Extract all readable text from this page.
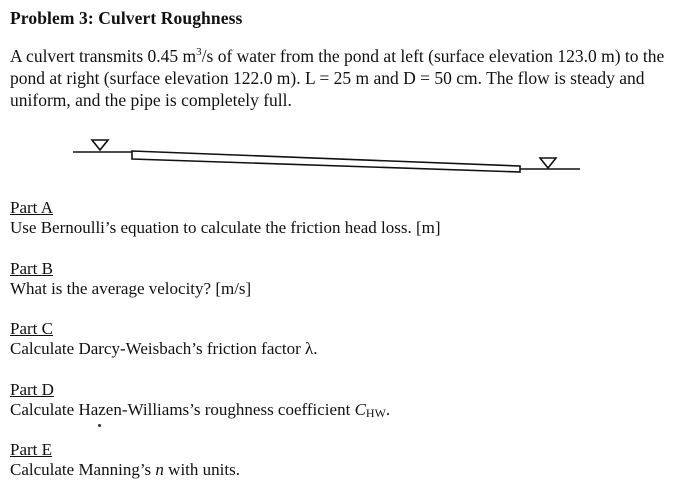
Problem 3: Culvert Roughness
A culvert transmits 0.45 $m^3/s$ of water from the pond at left (surface elevation 123.0 m) to the pond at right (surface elevation 122.0 m). L = 25 m and D = 50 cm. The flow is steady and uniform, and the pipe is completely full.
Part A
Use Bernoulli’s equation to calculate the friction head loss. [m]
Part B
What is the average velocity? [m/s]
Part C
Calculate Darcy-Weisbach’s friction factor λ.
Part D
Calculate Hazen-Williams’s roughness coefficient $C_{HW}$.
Part E
Calculate Manning’s n with units.
